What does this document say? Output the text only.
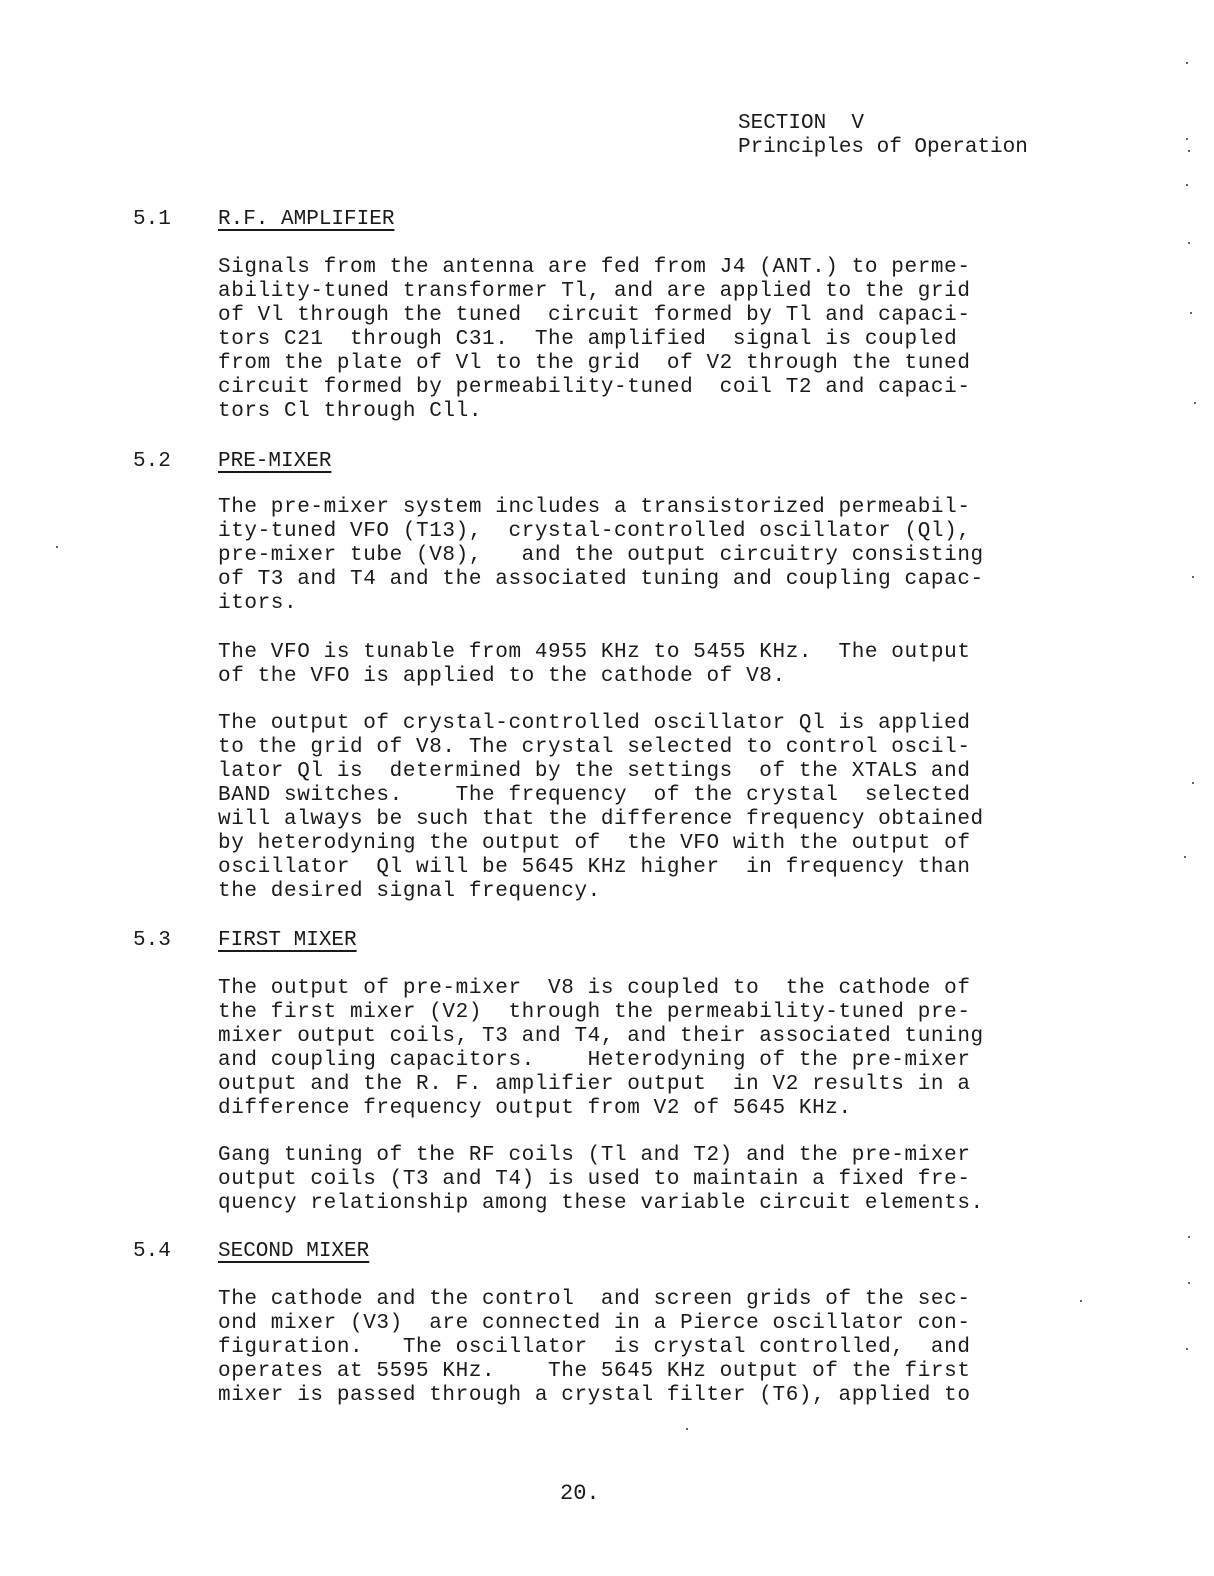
SECTION  V
Principles of Operation
5.1 R.F. AMPLIFIER
Signals from the antenna are fed from J4 (ANT.) to perme-
ability-tuned transformer Tl, and are applied to the grid
of Vl through the tuned  circuit formed by Tl and capaci-
tors C21  through C31.  The amplified  signal is coupled
from the plate of Vl to the grid  of V2 through the tuned
circuit formed by permeability-tuned  coil T2 and capaci-
tors Cl through Cll.
5.2 PRE-MIXER
The pre-mixer system includes a transistorized permeabil-
ity-tuned VFO (T13),  crystal-controlled oscillator (Ql),
pre-mixer tube (V8),   and the output circuitry consisting
of T3 and T4 and the associated tuning and coupling capac-
itors.
The VFO is tunable from 4955 KHz to 5455 KHz.  The output
of the VFO is applied to the cathode of V8.
The output of crystal-controlled oscillator Ql is applied
to the grid of V8. The crystal selected to control oscil-
lator Ql is  determined by the settings  of the XTALS and
BAND switches.    The frequency  of the crystal  selected
will always be such that the difference frequency obtained
by heterodyning the output of  the VFO with the output of
oscillator  Ql will be 5645 KHz higher  in frequency than
the desired signal frequency.
5.3 FIRST MIXER
The output of pre-mixer  V8 is coupled to  the cathode of
the first mixer (V2)  through the permeability-tuned pre-
mixer output coils, T3 and T4, and their associated tuning
and coupling capacitors.    Heterodyning of the pre-mixer
output and the R. F. amplifier output  in V2 results in a
difference frequency output from V2 of 5645 KHz.
Gang tuning of the RF coils (Tl and T2) and the pre-mixer
output coils (T3 and T4) is used to maintain a fixed fre-
quency relationship among these variable circuit elements.
5.4 SECOND MIXER
The cathode and the control  and screen grids of the sec-
ond mixer (V3)  are connected in a Pierce oscillator con-
figuration.   The oscillator  is crystal controlled,  and
operates at 5595 KHz.    The 5645 KHz output of the first
mixer is passed through a crystal filter (T6), applied to
20.
